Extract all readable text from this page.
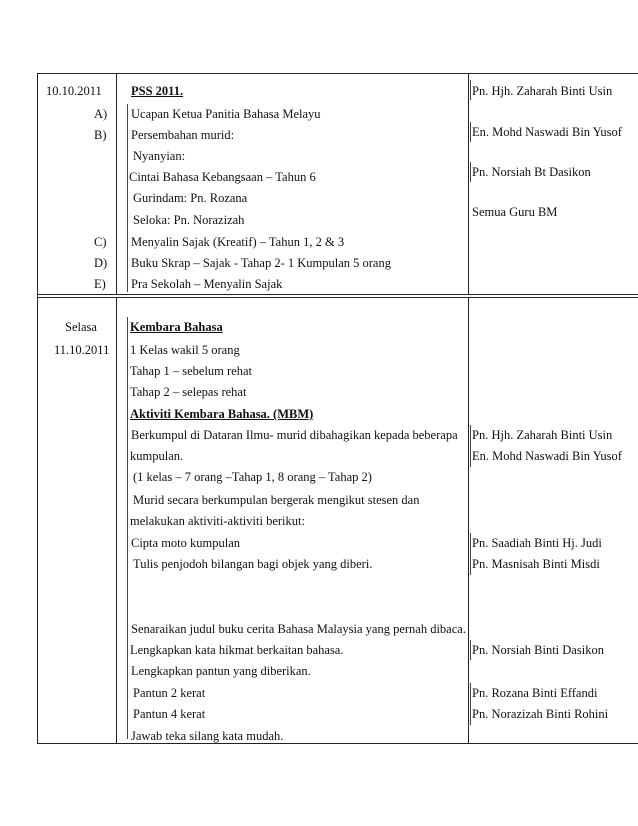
10.10.2011 PSS 2011.
A) Ucapan Ketua Panitia Bahasa Melayu
B) Persembahan murid:
Nyanyian:
Cintai Bahasa Kebangsaan – Tahun 6
Gurindam: Pn. Rozana
Seloka: Pn. Norazizah
C) Menyalin Sajak (Kreatif) – Tahun 1, 2 & 3
D) Buku Skrap – Sajak - Tahap 2- 1 Kumpulan 5 orang
E) Pra Sekolah – Menyalin Sajak
Pn. Hjh. Zaharah Binti Usin
En. Mohd Naswadi Bin Yusof
Pn. Norsiah Bt Dasikon
Semua Guru BM
Selasa
11.10.2011
Kembara Bahasa
1 Kelas wakil 5 orang
Tahap 1 – sebelum rehat
Tahap 2 – selepas rehat
Aktiviti Kembara Bahasa. (MBM)
Berkumpul di Dataran Ilmu- murid dibahagikan kepada beberapa
kumpulan.
(1 kelas – 7 orang –Tahap 1, 8 orang – Tahap 2)
Murid secara berkumpulan bergerak mengikut stesen dan
melakukan aktiviti-aktiviti berikut:
Cipta moto kumpulan
Tulis penjodoh bilangan bagi objek yang diberi.
Senaraikan judul buku cerita Bahasa Malaysia yang pernah dibaca.
Lengkapkan kata hikmat berkaitan bahasa.
Lengkapkan pantun yang diberikan.
Pantun 2 kerat
Pantun 4 kerat
Jawab teka silang kata mudah.
Pn. Hjh. Zaharah Binti Usin
En. Mohd Naswadi Bin Yusof
Pn. Saadiah Binti Hj. Judi
Pn. Masnisah Binti Misdi
Pn. Norsiah Binti Dasikon
Pn. Rozana Binti Effandi
Pn. Norazizah Binti Rohini
